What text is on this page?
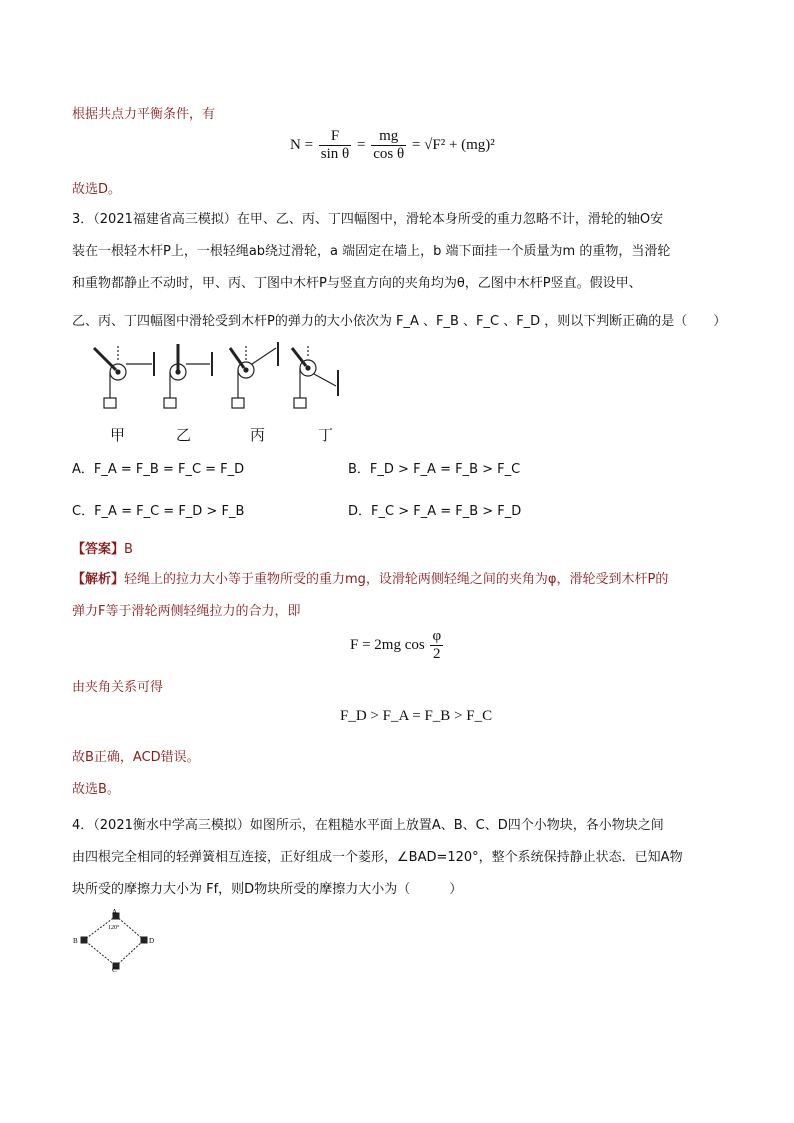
根据共点力平衡条件，有
$N = \frac{F}{\text{sin θ}} = \frac{mg}{\text{cos θ}} = √F^2 + (mg)^2$
故选D。
3．（2021福建省高三模拟）在甲、乙、丙、丁四幅图中，滑轮本身所受的重力忽略不计，滑轮的轴O安
装在一根轻木杆P上，一根轻绳ab绕过滑轮，a 端固定在墙上，b 端下面挂一个质量为m 的重物，当滑轮
和重物都静止不动时，甲、丙、丁图中木杆P与竖直方向的夹角均为θ，乙图中木杆P竖直。假设甲、
乙、丙、丁四幅图中滑轮受到木杆P的弹力的大小依次为 F_A 、F_B 、F_C 、F_D ，则以下判断正确的是（　　）
甲	乙	丙	丁
A．F_A = F_B = F_C = F_D	B．F_D > F_A = F_B > F_C
C．F_A = F_C = F_D > F_B	D．F_C > F_A = F_B > F_D
【答案】B
【解析】轻绳上的拉力大小等于重物所受的重力mg，设滑轮两侧轻绳之间的夹角为φ，滑轮受到木杆P的
弹力F等于滑轮两侧轻绳拉力的合力，即
F = 2mg $\cos \frac{\varphi}{2}$
由夹角关系可得
F_D > F_A = F_B > F_C
故B正确，ACD错误。
故选B。
4．（2021衡水中学高三模拟）如图所示，在粗糙水平面上放置A、B、C、D四个小物块，各小物块之间
由四根完全相同的轻弹簧相互连接，正好组成一个菱形，∠BAD=120°，整个系统保持静止状态．已知A物
块所受的摩擦力大小为 Ff，则D物块所受的摩擦力大小为（　　　）
A
B	D
C
120°
